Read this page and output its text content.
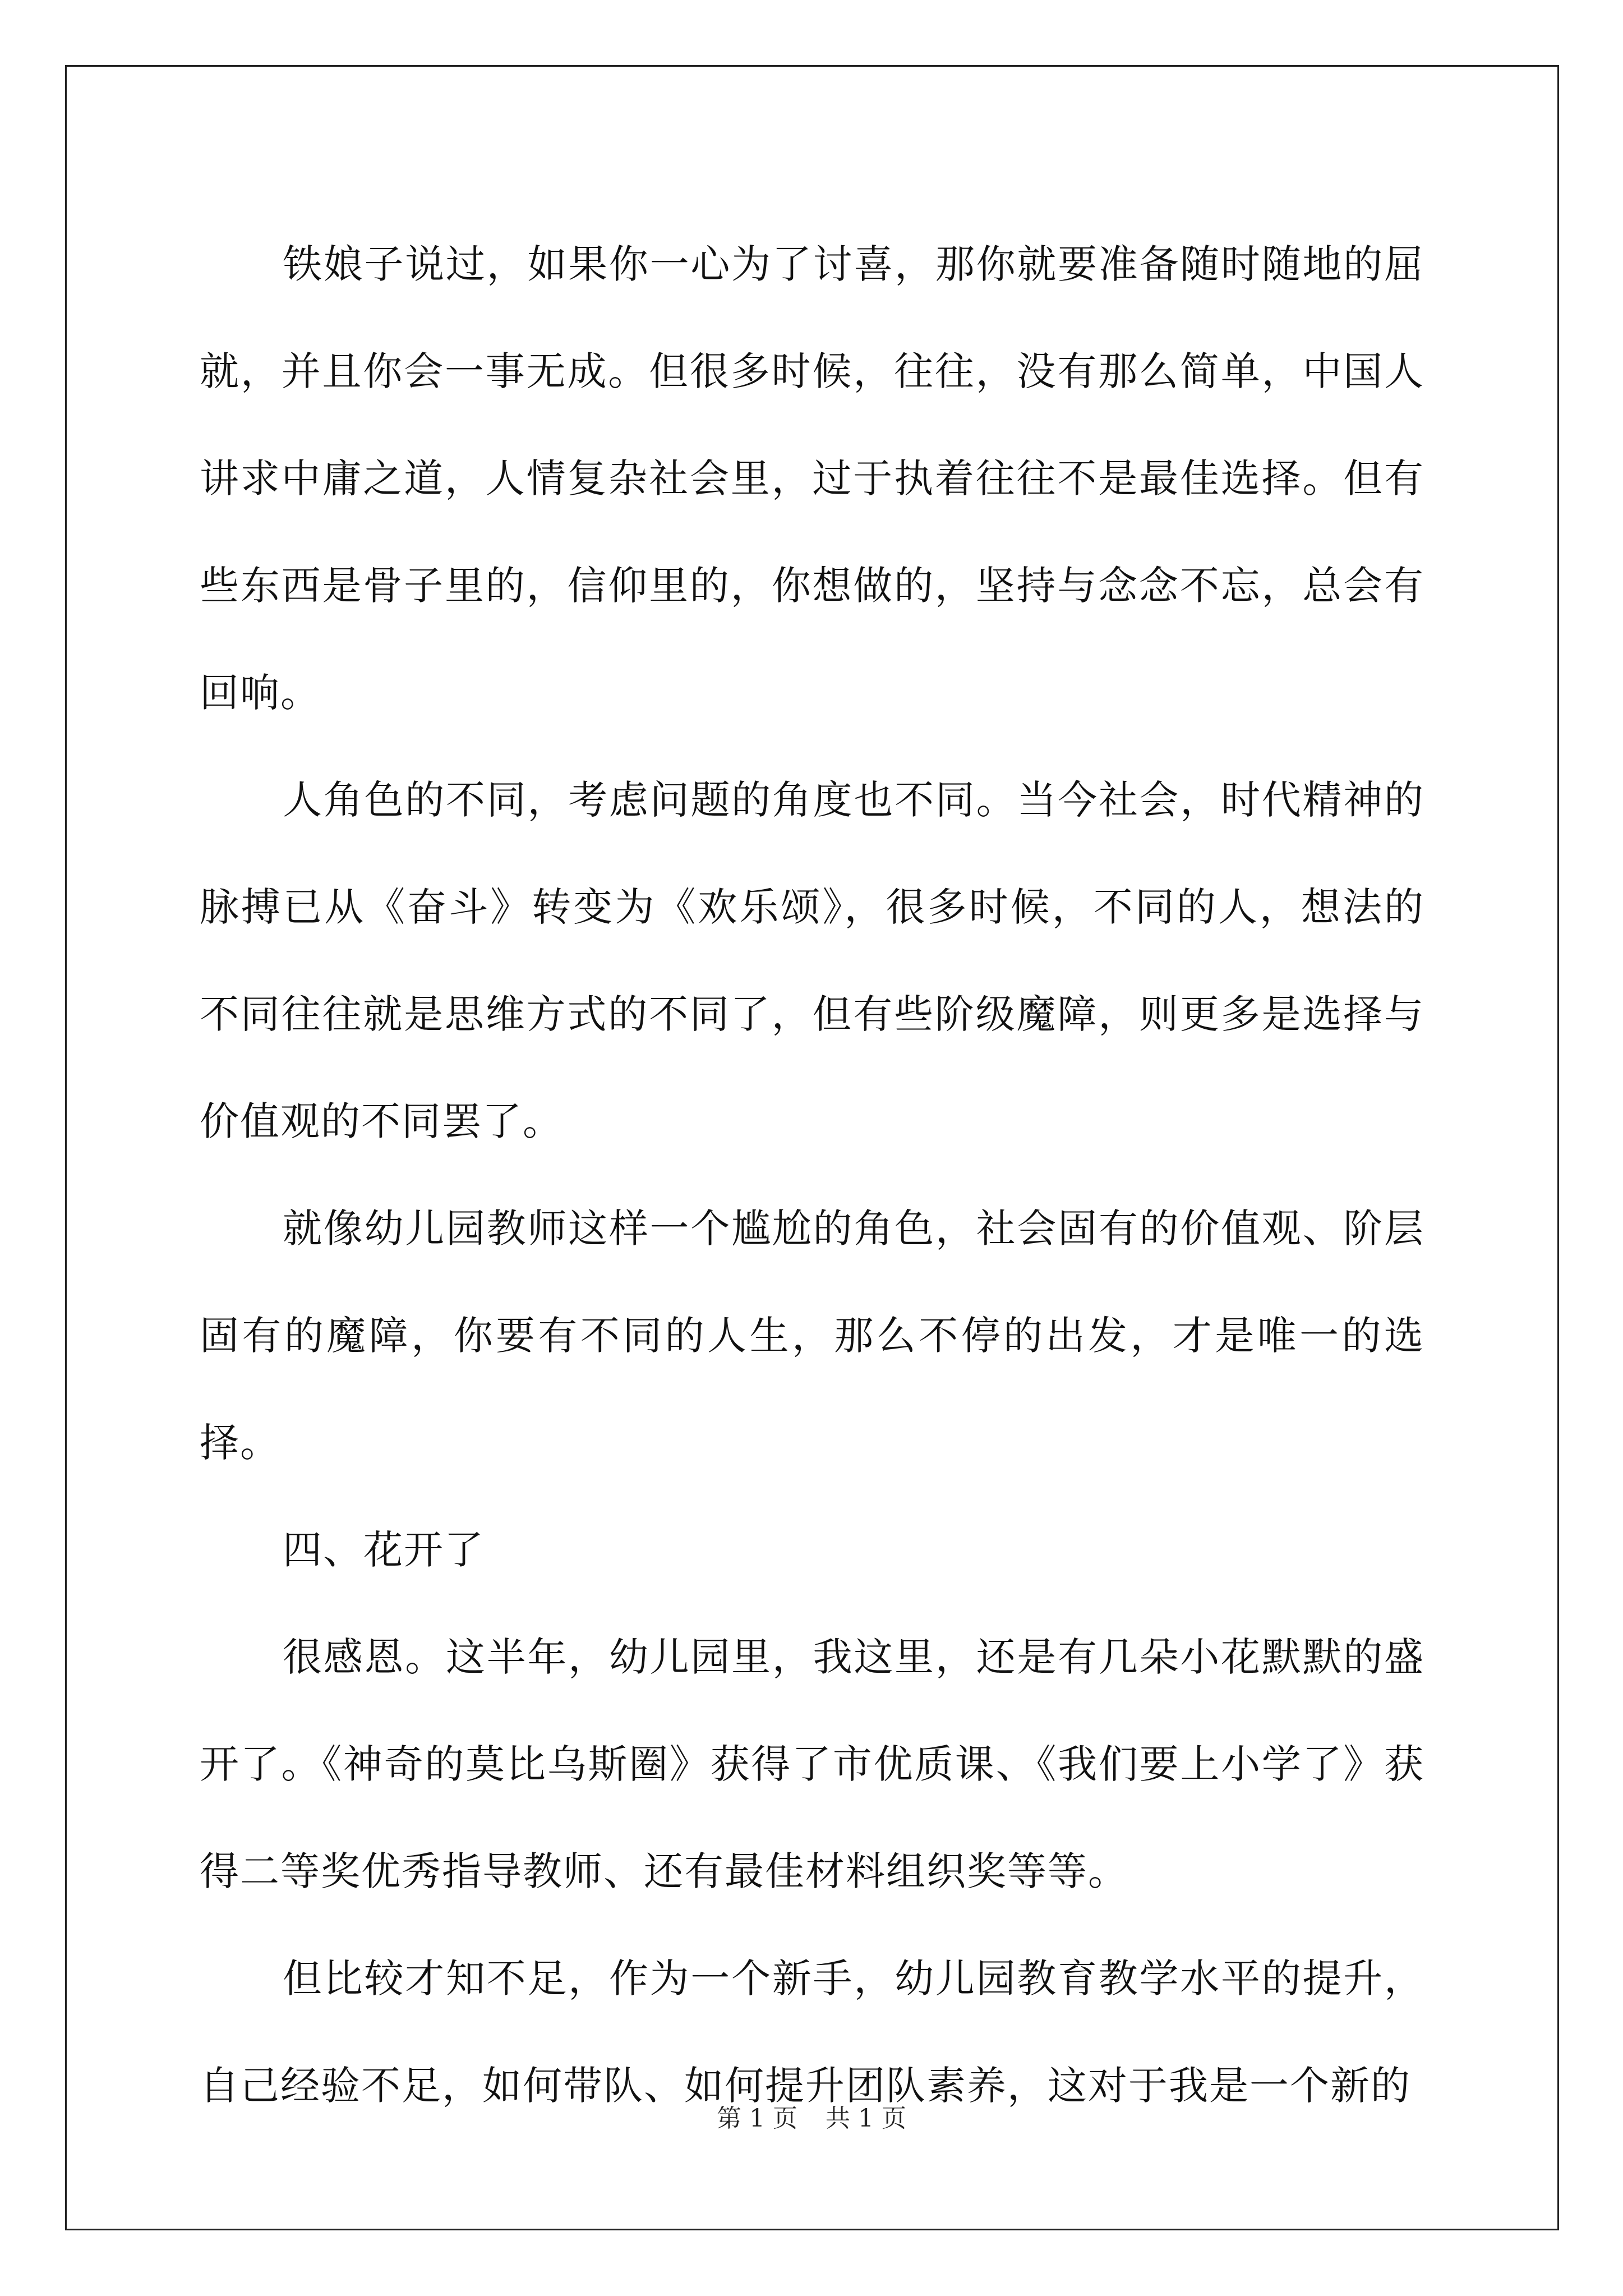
铁娘子说过，如果你一心为了讨喜，那你就要准备随时随地的屈就，并且你会一事无成。但很多时候，往往，没有那么简单，中国人讲求中庸之道，人情复杂社会里，过于执着往往不是最佳选择。但有些东西是骨子里的，信仰里的，你想做的，坚持与念念不忘，总会有回响。

人角色的不同，考虑问题的角度也不同。当今社会，时代精神的脉搏已从《奋斗》转变为《欢乐颂》，很多时候，不同的人，想法的不同往往就是思维方式的不同了，但有些阶级魔障，则更多是选择与价值观的不同罢了。

就像幼儿园教师这样一个尴尬的角色，社会固有的价值观、阶层固有的魔障，你要有不同的人生，那么不停的出发，才是唯一的选择。

四、花开了

很感恩。这半年，幼儿园里，我这里，还是有几朵小花默默的盛开了。《神奇的莫比乌斯圈》获得了市优质课、《我们要上小学了》获得二等奖优秀指导教师、还有最佳材料组织奖等等。

但比较才知不足，作为一个新手，幼儿园教育教学水平的提升，自己经验不足，如何带队、如何提升团队素养，这对于我是一个新的

第 1 页 共 1 页
